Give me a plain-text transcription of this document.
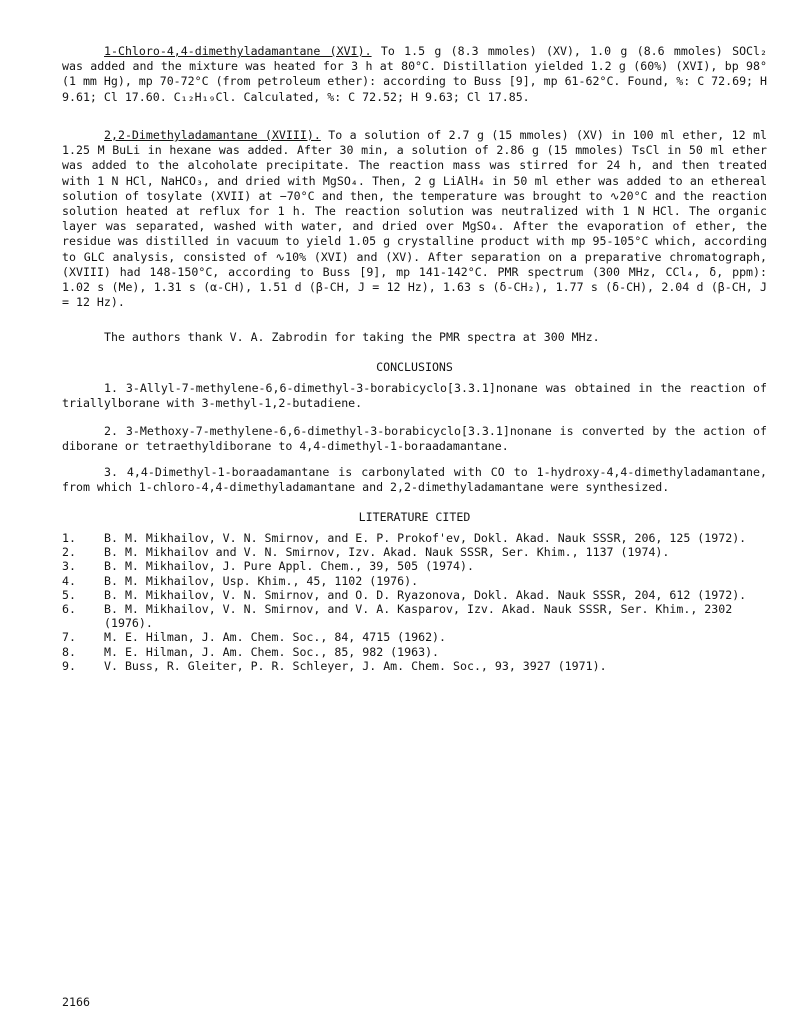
1-Chloro-4,4-dimethyladamantane (XVI). To 1.5 g (8.3 mmoles) (XV), 1.0 g (8.6 mmoles) SOCl₂ was added and the mixture was heated for 3 h at 80°C. Distillation yielded 1.2 g (60%) (XVI), bp 98° (1 mm Hg), mp 70-72°C (from petroleum ether): according to Buss [9], mp 61-62°C. Found, %: C 72.69; H 9.61; Cl 17.60. C₁₂H₁₉Cl. Calculated, %: C 72.52; H 9.63; Cl 17.85.

2,2-Dimethyladamantane (XVIII). To a solution of 2.7 g (15 mmoles) (XV) in 100 ml ether, 12 ml 1.25 M BuLi in hexane was added. After 30 min, a solution of 2.86 g (15 mmoles) TsCl in 50 ml ether was added to the alcoholate precipitate. The reaction mass was stirred for 24 h, and then treated with 1 N HCl, NaHCO₃, and dried with MgSO₄. Then, 2 g LiAlH₄ in 50 ml ether was added to an ethereal solution of tosylate (XVII) at −70°C and then, the temperature was brought to ∿20°C and the reaction solution heated at reflux for 1 h. The reaction solution was neutralized with 1 N HCl. The organic layer was separated, washed with water, and dried over MgSO₄. After the evaporation of ether, the residue was distilled in vacuum to yield 1.05 g crystalline product with mp 95-105°C which, according to GLC analysis, consisted of ∿10% (XVI) and (XV). After separation on a preparative chromatograph, (XVIII) had 148-150°C, according to Buss [9], mp 141-142°C. PMR spectrum (300 MHz, CCl₄, δ, ppm): 1.02 s (Me), 1.31 s (α-CH), 1.51 d (β-CH, J = 12 Hz), 1.63 s (δ-CH₂), 1.77 s (δ-CH), 2.04 d (β-CH, J = 12 Hz).

The authors thank V. A. Zabrodin for taking the PMR spectra at 300 MHz.

CONCLUSIONS

1. 3-Allyl-7-methylene-6,6-dimethyl-3-borabicyclo[3.3.1]nonane was obtained in the reaction of triallylborane with 3-methyl-1,2-butadiene.

2. 3-Methoxy-7-methylene-6,6-dimethyl-3-borabicyclo[3.3.1]nonane is converted by the action of diborane or tetraethyldiborane to 4,4-dimethyl-1-boraadamantane.

3. 4,4-Dimethyl-1-boraadamantane is carbonylated with CO to 1-hydroxy-4,4-dimethyladamantane, from which 1-chloro-4,4-dimethyladamantane and 2,2-dimethyladamantane were synthesized.

LITERATURE CITED
1.	B. M. Mikhailov, V. N. Smirnov, and E. P. Prokof'ev, Dokl. Akad. Nauk SSSR, 206, 125 (1972).
2.	B. M. Mikhailov and V. N. Smirnov, Izv. Akad. Nauk SSSR, Ser. Khim., 1137 (1974).
3.	B. M. Mikhailov, J. Pure Appl. Chem., 39, 505 (1974).
4.	B. M. Mikhailov, Usp. Khim., 45, 1102 (1976).
5.	B. M. Mikhailov, V. N. Smirnov, and O. D. Ryazonova, Dokl. Akad. Nauk SSSR, 204, 612 (1972).
6.	B. M. Mikhailov, V. N. Smirnov, and V. A. Kasparov, Izv. Akad. Nauk SSSR, Ser. Khim., 2302 (1976).
7.	M. E. Hilman, J. Am. Chem. Soc., 84, 4715 (1962).
8.	M. E. Hilman, J. Am. Chem. Soc., 85, 982 (1963).
9.	V. Buss, R. Gleiter, P. R. Schleyer, J. Am. Chem. Soc., 93, 3927 (1971).
2166
